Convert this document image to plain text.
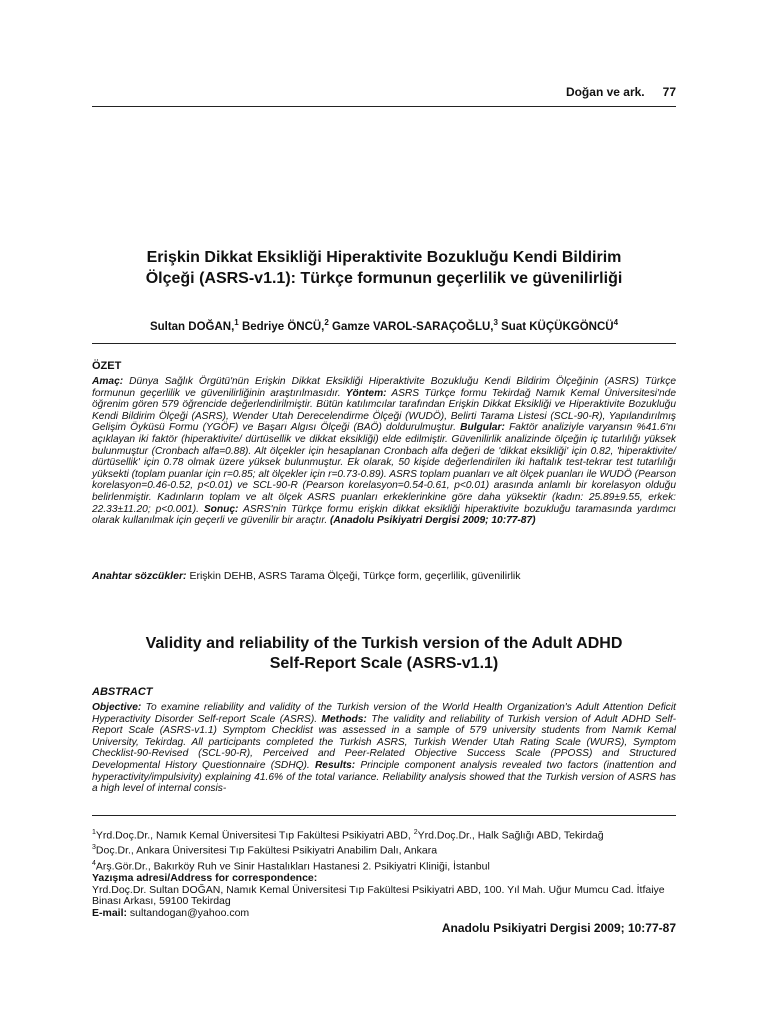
Doğan ve ark. 77
Erişkin Dikkat Eksikliği Hiperaktivite Bozukluğu Kendi Bildirim
Ölçeği (ASRS-v1.1): Türkçe formunun geçerlilik ve güvenilirliği
Sultan DOĞAN,$^1$ Bedriye ÖNCÜ,$^2$ Gamze VAROL-SARAÇOĞLU,$^3$ Suat KÜÇÜKGÖNCÜ$^4$
ÖZET
Amaç: Dünya Sağlık Örgütü'nün Erişkin Dikkat Eksikliği Hiperaktivite Bozukluğu Kendi Bildirim Ölçeğinin (ASRS) Türkçe formunun geçerlilik ve güvenilirliğinin araştırılmasıdır. Yöntem: ASRS Türkçe formu Tekirdağ Namık Kemal Üniversitesi'nde öğrenim gören 579 öğrencide değerlendirilmiştir. Bütün katılımcılar tarafından Erişkin Dikkat Eksikliği ve Hiperaktivite Bozukluğu Kendi Bildirim Ölçeği (ASRS), Wender Utah Derecelendirme Ölçeği (WUDÖ), Belirti Tarama Listesi (SCL-90-R), Yapılandırılmış Gelişim Öyküsü Formu (YGÖF) ve Başarı Algısı Ölçeği (BAÖ) doldurulmuştur. Bulgular: Faktör analiziyle varyansın %41.6'nı açıklayan iki faktör (hiperaktivite/ dürtüsellik ve dikkat eksikliği) elde edilmiştir. Güvenilirlik analizinde ölçeğin iç tutarlılığı yüksek bulunmuştur (Cronbach alfa=0.88). Alt ölçekler için hesaplanan Cronbach alfa değeri de 'dikkat eksikliği' için 0.82, 'hiperaktivite/ dürtüsellik' için 0.78 olmak üzere yüksek bulunmuştur. Ek olarak, 50 kişide değerlendirilen iki haftalık test-tekrar test tutarlılığı yüksekti (toplam puanlar için r=0.85; alt ölçekler için r=0.73-0.89). ASRS toplam puanları ve alt ölçek puanları ile WUDÖ (Pearson korelasyon=0.46-0.52, p<0.01) ve SCL-90-R (Pearson korelasyon=0.54-0.61, p<0.01) arasında anlamlı bir korelasyon olduğu belirlenmiştir. Kadınların toplam ve alt ölçek ASRS puanları erkeklerinkine göre daha yüksektir (kadın: 25.89±9.55, erkek: 22.33±11.20; p<0.001). Sonuç: ASRS'nin Türkçe formu erişkin dikkat eksikliği hiperaktivite bozukluğu taramasında yardımcı olarak kullanılmak için geçerli ve güvenilir bir araçtır. (Anadolu Psikiyatri Dergisi 2009; 10:77-87)
Anahtar sözcükler: Erişkin DEHB, ASRS Tarama Ölçeği, Türkçe form, geçerlilik, güvenilirlik
Validity and reliability of the Turkish version of the Adult ADHD
Self-Report Scale (ASRS-v1.1)
ABSTRACT
Objective: To examine reliability and validity of the Turkish version of the World Health Organization's Adult Attention Deficit Hyperactivity Disorder Self-report Scale (ASRS). Methods: The validity and reliability of Turkish version of Adult ADHD Self-Report Scale (ASRS-v1.1) Symptom Checklist was assessed in a sample of 579 university students from Namık Kemal University, Tekirdag. All participants completed the Turkish ASRS, Turkish Wender Utah Rating Scale (WURS), Symptom Checklist-90-Revised (SCL-90-R), Perceived and Peer-Related Objective Success Scale (PPOSS) and Structured Developmental History Questionnaire (SDHQ). Results: Principle component analysis revealed two factors (inattention and hyperactivity/impulsivity) explaining 41.6% of the total variance. Reliability analysis showed that the Turkish version of ASRS has a high level of internal consis-
$^1$Yrd.Doç.Dr., Namık Kemal Üniversitesi Tıp Fakültesi Psikiyatri ABD, $^2$Yrd.Doç.Dr., Halk Sağlığı ABD, Tekirdağ
$^3$Doç.Dr., Ankara Üniversitesi Tıp Fakültesi Psikiyatri Anabilim Dalı, Ankara
$^4$Arş.Gör.Dr., Bakırköy Ruh ve Sinir Hastalıkları Hastanesi 2. Psikiyatri Kliniği, İstanbul
Yazışma adresi/Address for correspondence:
Yrd.Doç.Dr. Sultan DOĞAN, Namık Kemal Üniversitesi Tıp Fakültesi Psikiyatri ABD, 100. Yıl Mah. Uğur Mumcu Cad. İtfaiye Binası Arkası, 59100 Tekirdag
E-mail: sultandogan@yahoo.com
Anadolu Psikiyatri Dergisi 2009; 10:77-87
